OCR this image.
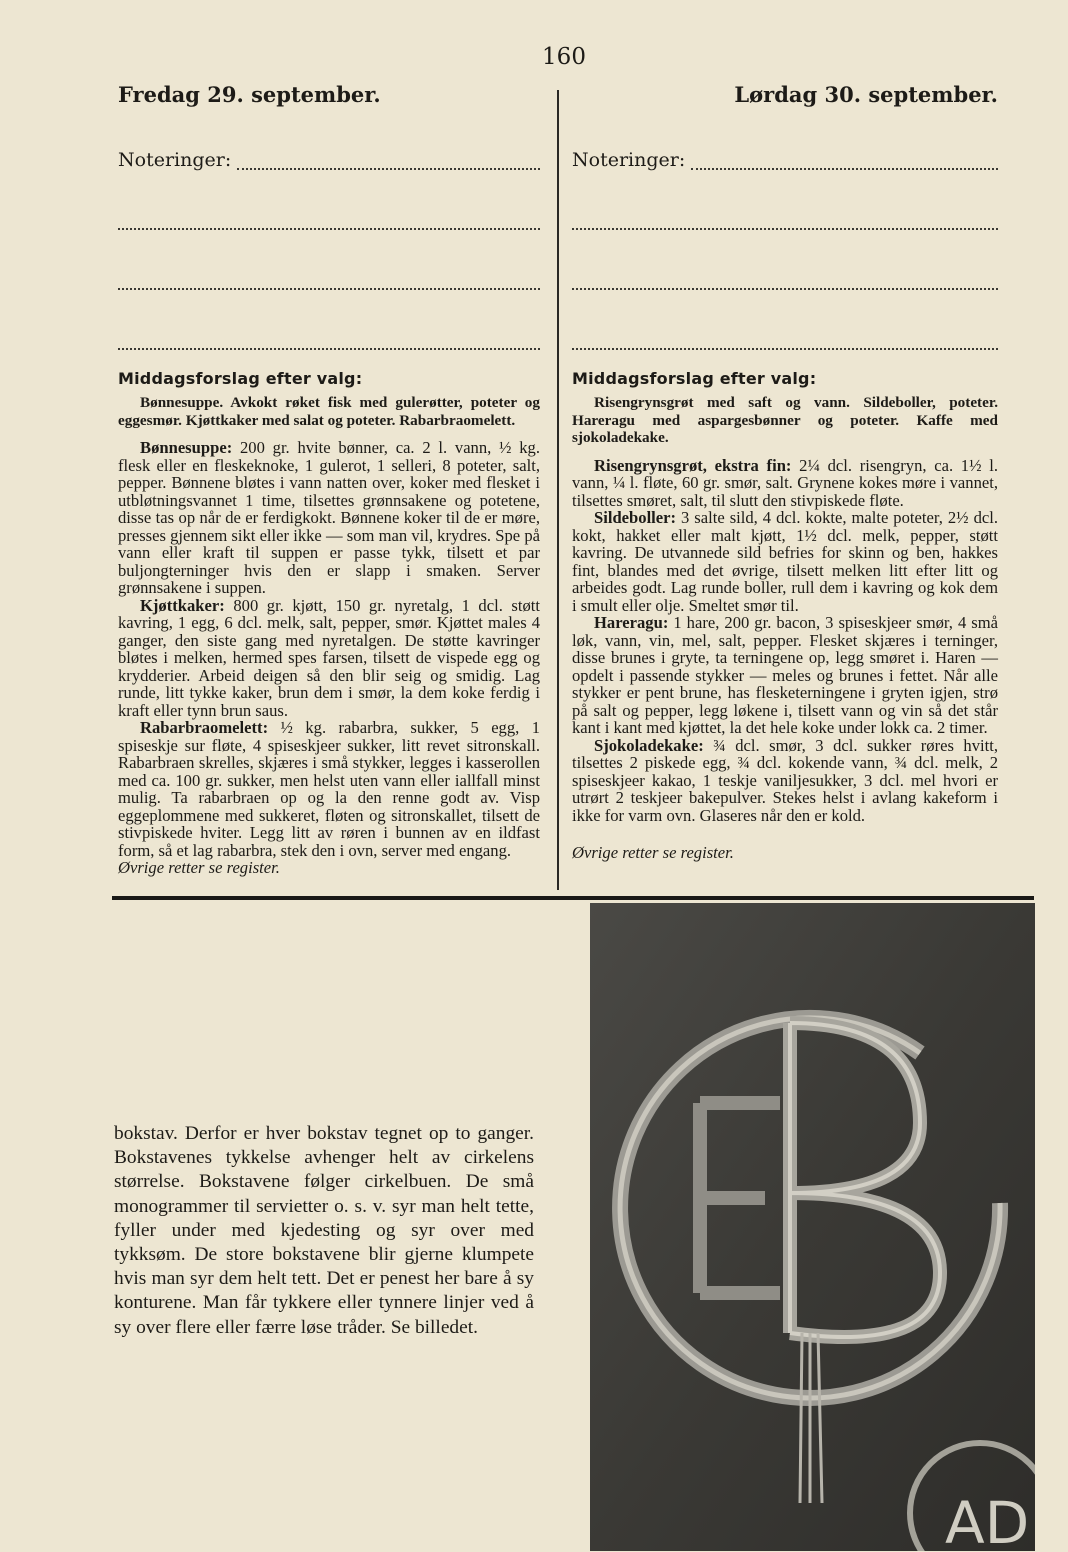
160
Fredag 29. september.
Noteringer:
Middagsforslag efter valg:

Bønnesuppe. Avkokt røket fisk med gulerøtter, poteter og eggesmør. Kjøttkaker med salat og poteter. Rabarbraomelett.

Bønnesuppe: 200 gr. hvite bønner, ca. 2 l. vann, ½ kg. flesk eller en fleskeknoke, 1 gulerot, 1 selleri, 8 poteter, salt, pepper. Bønnene bløtes i vann natten over, koker med flesket i utbløtningsvannet 1 time, tilsettes grønnsakene og potetene, disse tas op når de er ferdigkokt. Bønnene koker til de er møre, presses gjennem sikt eller ikke — som man vil, krydres. Spe på vann eller kraft til suppen er passe tykk, tilsett et par buljongterninger hvis den er slapp i smaken. Server grønnsakene i suppen.

Kjøttkaker: 800 gr. kjøtt, 150 gr. nyretalg, 1 dcl. støtt kavring, 1 egg, 6 dcl. melk, salt, pepper, smør. Kjøttet males 4 ganger, den siste gang med nyretalgen. De støtte kavringer bløtes i melken, hermed spes farsen, tilsett de vispede egg og krydderier. Arbeid deigen så den blir seig og smidig. Lag runde, litt tykke kaker, brun dem i smør, la dem koke ferdig i kraft eller tynn brun saus.

Rabarbraomelett: ½ kg. rabarbra, sukker, 5 egg, 1 spiseskje sur fløte, 4 spiseskjeer sukker, litt revet sitronskall. Rabarbraen skrelles, skjæres i små stykker, legges i kasserollen med ca. 100 gr. sukker, men helst uten vann eller iallfall minst mulig. Ta rabarbraen op og la den renne godt av. Visp eggeplommene med sukkeret, fløten og sitronskallet, tilsett de stivpiskede hviter. Legg litt av røren i bunnen av en ildfast form, så et lag rabarbra, stek den i ovn, server med engang.

Øvrige retter se register.

Lørdag 30. september.
Noteringer:
Middagsforslag efter valg:

Risengrynsgrøt med saft og vann. Sildeboller, poteter. Hareragu med aspargesbønner og poteter. Kaffe med sjokoladekake.

Risengrynsgrøt, ekstra fin: 2¼ dcl. risengryn, ca. 1½ l. vann, ¼ l. fløte, 60 gr. smør, salt. Grynene kokes møre i vannet, tilsettes smøret, salt, til slutt den stivpiskede fløte.

Sildeboller: 3 salte sild, 4 dcl. kokte, malte poteter, 2½ dcl. kokt, hakket eller malt kjøtt, 1½ dcl. melk, pepper, støtt kavring. De utvannede sild befries for skinn og ben, hakkes fint, blandes med det øvrige, tilsett melken litt efter litt og arbeides godt. Lag runde boller, rull dem i kavring og kok dem i smult eller olje. Smeltet smør til.

Hareragu: 1 hare, 200 gr. bacon, 3 spiseskjeer smør, 4 små løk, vann, vin, mel, salt, pepper. Flesket skjæres i terninger, disse brunes i gryte, ta terningene op, legg smøret i. Haren — opdelt i passende stykker — meles og brunes i fettet. Når alle stykker er pent brune, has flesketerningene i gryten igjen, strø på salt og pepper, legg løkene i, tilsett vann og vin så det står kant i kant med kjøttet, la det hele koke under lokk ca. 2 timer.

Sjokoladekake: ¾ dcl. smør, 3 dcl. sukker røres hvitt, tilsettes 2 piskede egg, ¾ dcl. kokende vann, ¾ dcl. melk, 2 spiseskjeer kakao, 1 teskje vaniljesukker, 3 dcl. mel hvori er utrørt 2 teskjeer bakepulver. Stekes helst i avlang kakeform i ikke for varm ovn. Glaseres når den er kold.

Øvrige retter se register.

bokstav. Derfor er hver bokstav tegnet op to ganger. Bokstavenes tykkelse avhenger helt av cirkelens størrelse. Bokstavene følger cirkelbuen. De små monogrammer til servietter o. s. v. syr man helt tette, fyller under med kjedesting og syr over med tykksøm. De store bokstavene blir gjerne klumpete hvis man syr dem helt tett. Det er penest her bare å sy konturene. Man får tykkere eller tynnere linjer ved å sy over flere eller færre løse tråder. Se billedet.

AD
